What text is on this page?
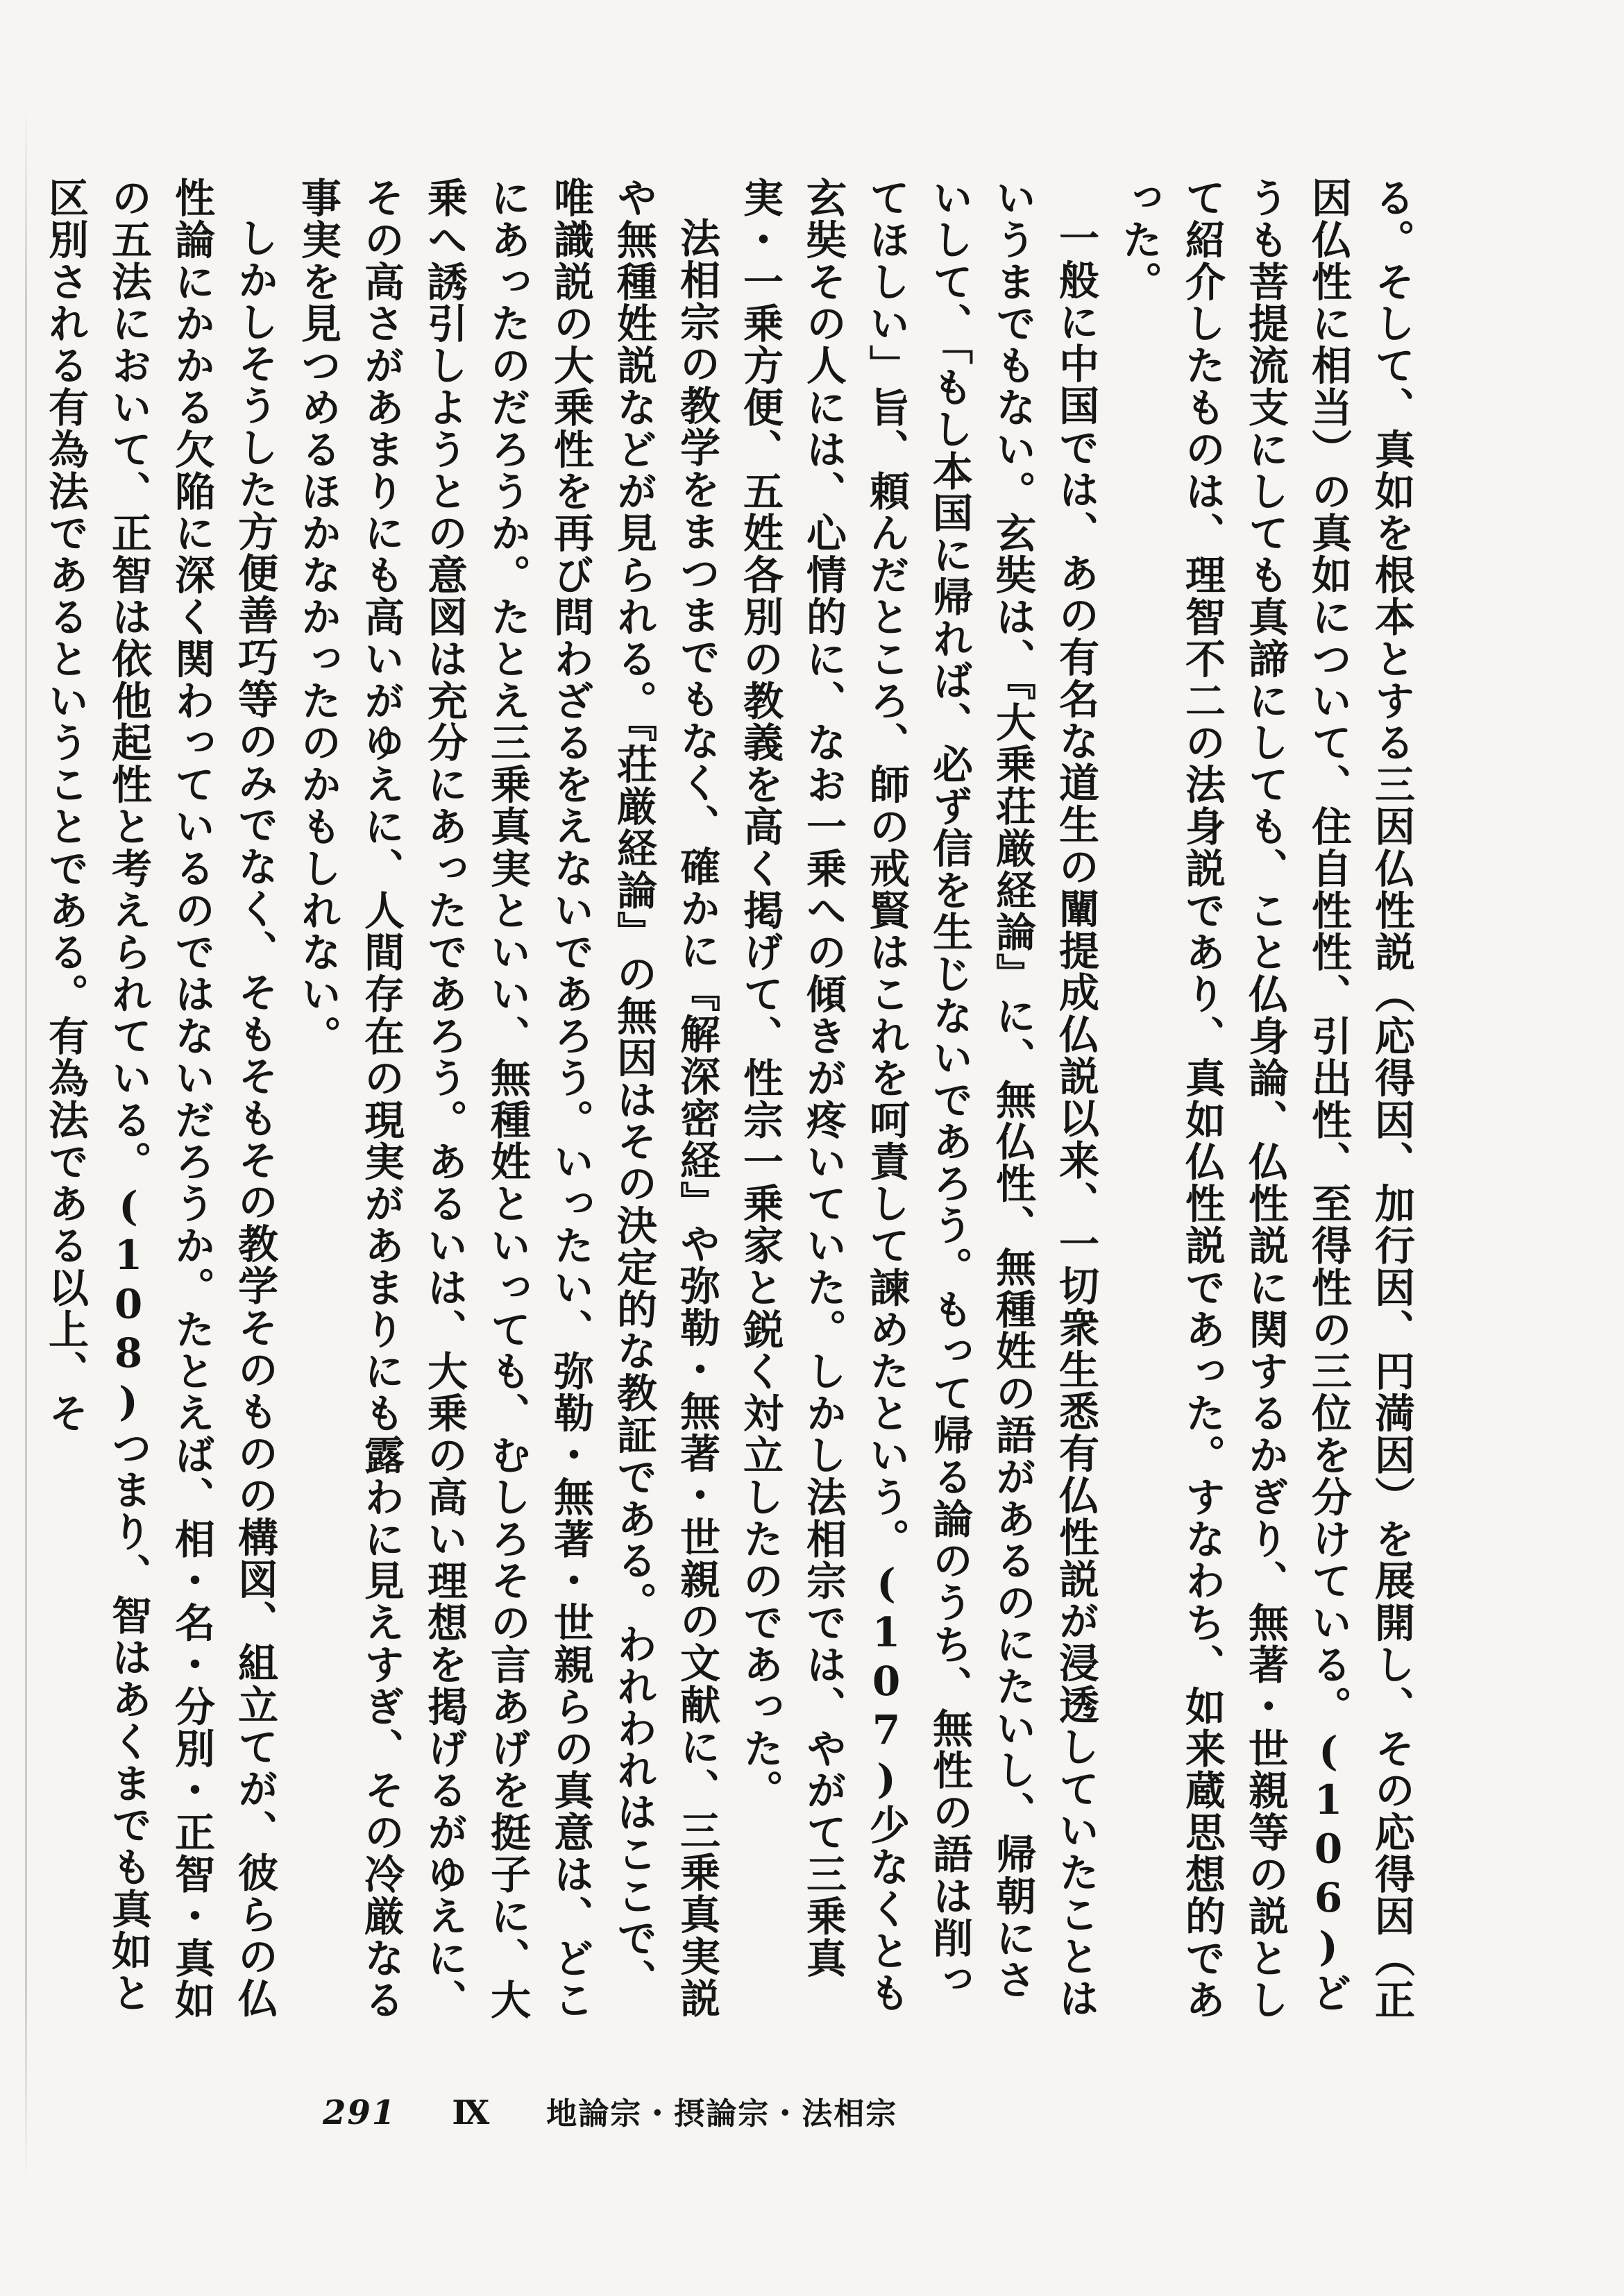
る。そして、真如を根本とする三因仏性説（応得因、加行因、円満因）を展開し、その応得因（正因仏性に相当）の真如について、住自性性、引出性、至得性の三位を分けている。(106)どうも菩提流支にしても真諦にしても、こと仏身論、仏性説に関するかぎり、無著・世親等の説として紹介したものは、理智不二の法身説であり、真如仏性説であった。すなわち、如来蔵思想的であった。

一般に中国では、あの有名な道生の闡提成仏説以来、一切衆生悉有仏性説が浸透していたことはいうまでもない。玄奘は、『大乗荘厳経論』に、無仏性、無種姓の語があるのにたいし、帰朝にさいして、「もし本国に帰れば、必ず信を生じないであろう。もって帰る論のうち、無性の語は削ってほしい」旨、頼んだところ、師の戒賢はこれを呵責して諫めたという。(107)少なくとも玄奘その人には、心情的に、なお一乗への傾きが疼いていた。しかし法相宗では、やがて三乗真実・一乗方便、五姓各別の教義を高く掲げて、性宗一乗家と鋭く対立したのであった。

法相宗の教学をまつまでもなく、確かに『解深密経』や弥勒・無著・世親の文献に、三乗真実説や無種姓説などが見られる。『荘厳経論』の無因はその決定的な教証である。われわれはここで、唯識説の大乗性を再び問わざるをえないであろう。いったい、弥勒・無著・世親らの真意は、どこにあったのだろうか。たとえ三乗真実といい、無種姓といっても、むしろその言あげを挺子に、大乗へ誘引しようとの意図は充分にあったであろう。あるいは、大乗の高い理想を掲げるがゆえに、その高さがあまりにも高いがゆえに、人間存在の現実があまりにも露わに見えすぎ、その冷厳なる事実を見つめるほかなかったのかもしれない。

しかしそうした方便善巧等のみでなく、そもそもその教学そのものの構図、組立てが、彼らの仏性論にかかる欠陥に深く関わっているのではないだろうか。たとえば、相・名・分別・正智・真如の五法において、正智は依他起性と考えられている。(108)つまり、智はあくまでも真如と区別される有為法であるということである。有為法である以上、そ

291 Ⅸ 地論宗・摂論宗・法相宗
